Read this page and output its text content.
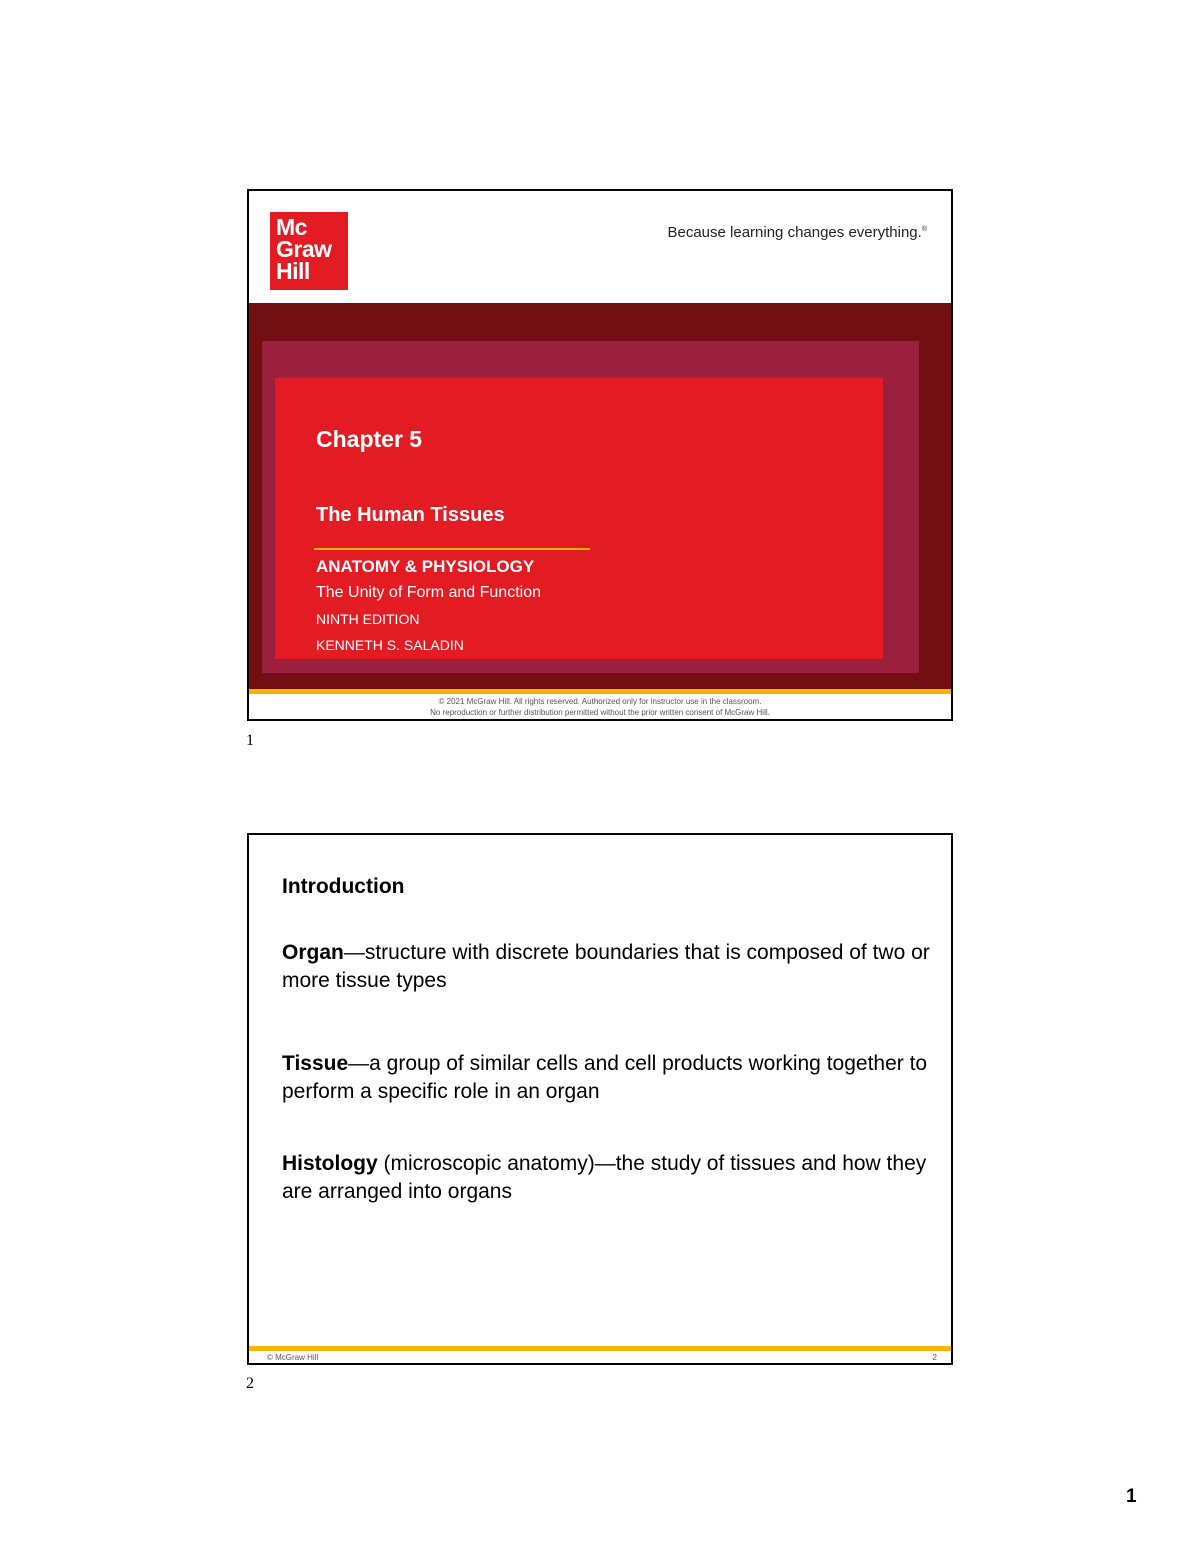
Mc
Graw
Hill
Because learning changes everything.®
Chapter 5
The Human Tissues
ANATOMY & PHYSIOLOGY
The Unity of Form and Function
NINTH EDITION
KENNETH S. SALADIN
© 2021 McGraw Hill. All rights reserved. Authorized only for instructor use in the classroom.
No reproduction or further distribution permitted without the prior written consent of McGraw Hill.
1
Introduction
Organ—structure with discrete boundaries that is composed of two or more tissue types
Tissue—a group of similar cells and cell products working together to perform a specific role in an organ
Histology (microscopic anatomy)—the study of tissues and how they are arranged into organs
© McGraw Hill	2
2
1
